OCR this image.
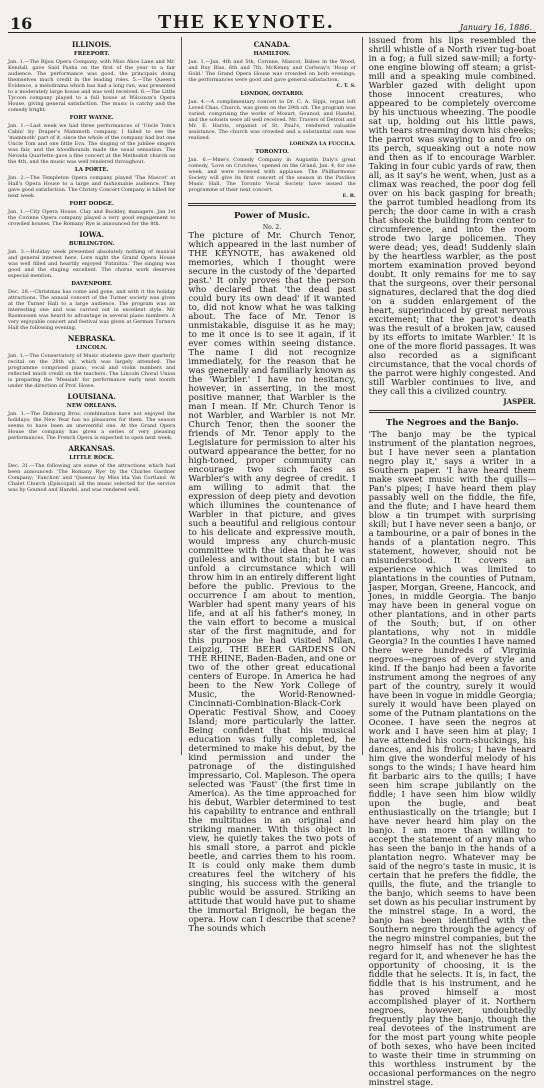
16	THE KEYNOTE.	January 16, 1886.
ILLINOIS.
FREEPORT.
Jan. 1.—The Bijou Opera Company, with Miss Alice Lane and Mr. Kendall, gave Said Pasha on the first of the year to a fair audience. The performance was good, the principals doing themselves much credit in the leading roles. 5.—The Queen's Evidence, a melodrama which has had a long run, was presented to a moderately large house and was well received. 6.—The Little Tycoon company played to a full house at Wilcoxon's Opera House, giving general satisfaction. The music is catchy and the comedy bright.
FORT WAYNE.
Jan. 1.—Last week we had three performances of 'Uncle Tom's Cabin' by Draper's Mammoth company. I failed to see the 'mammoth' part of it, since the whole of the company had but one Uncle Tom and one little Eva. The singing of the jubilee singers was fair, and the bloodhounds made the usual sensation. The Nevada Quartette gave a fine concert at the Methodist church on the 4th, and the music was well rendered throughout.
LA PORTE.
Jan. 2.—The Templeton Opera company played 'The Mascot' at Hall's Opera House to a large and fashionable audience. They gave good satisfaction. The Christy Concert Company is billed for next week.
FORT DODGE.
Jan. 1.—City Opera House. Clay and Buckley, managers. Jan 1st the Corinne Opera company played a very good engagement to crowded houses. The Romany Rye is announced for the 8th.
IOWA.
BURLINGTON.
Jan. 3.—Holiday week presented absolutely nothing of musical and general interest here. Lore night the Grand Opera House was well filled and heartily enjoyed 'Fatinitza.' The singing was good and the staging excellent. The chorus work deserves especial mention.
DAVENPORT.
Dec. 28.—Christmas has come and gone, and with it the holiday attractions. The annual concert of the Turner society was given at the Turner Hall to a large audience. The program was an interesting one and was carried out in excellent style. Mr. Rasmussen was heard to advantage in several piano numbers. A very enjoyable concert and festival was given at German Turners Hall the following evening.
NEBRASKA.
LINCOLN.
Jan. 1.—The Conservatory of Music students gave their quarterly recital on the 28th ult. which was largely attended. The programme comprised piano, vocal and violin numbers and reflected much credit on the teachers. The Lincoln Choral Union is preparing the 'Messiah' for performance early next month under the direction of Prof. Howe.
LOUISIANA.
NEW ORLEANS.
Jan. 1.—The Dubourg Bros. combination have not enjoyed the holidays; the New Year has no pleasures for them. The season seems to have been an uneventful one. At the Grand Opera House the company has given a series of very pleasing performances. The French Opera is expected to open next week.
ARKANSAS.
LITTLE ROCK.
Dec. 31.—The following are some of the attractions which had been announced: 'The Romany Rye' by the Charles Gardner Company; 'Fanchon' and 'Queena' by Miss Ida Van Cortland. At Chalet Church (Episcopal) all the music selected for the service was by Gounod and Handel, and was rendered well.
CANADA.
HAMILTON.
Jan. 1.—Jan. 4th and 5th, Corinne, Mascot, Babes in the Wood, and Ruy Blas. 6th and 7th, McKenny and Corlway's 'Hoop of Gold.' The Grand Opera House was crowded on both evenings; the performances were good and gave general satisfaction.
C. T. S.
LONDON, ONTARIO.
Jan. 4.—A complimentary concert to Dr. C. A. Sippi, organ loft Loved Chas. Church, was given on the 29th ult. The program was varied, comprising the works of Mozart, Gounod, and Handel, and the soloists were all well received. Mr. Travers of Detroit and Mr. E. Harris, organist of St. Paul's, rendered valuable assistance. The church was crowded and a substantial sum was realized.
LORENZA LA FUCCILA.
TORONTO.
Jan. 6.—Mme's Comedy Company in Augustin Daly's great comedy, 'Love on Crutches,' opened on the Grand, Jan. 4, for one week, and were received with applause. The Philharmonic Society will give its first concert of the season in the Pavilion Music Hall. The Toronto Vocal Society have issued the programme of their next concert.
E. R.
Power of Music.
No. 2.
The picture of Mr. Church Tenor, which appeared in the last number of THE KEYNOTE, has awakened old memories, which I thought were secure in the custody of the 'departed past.' It only proves that the person who declared that 'the dead past could bury its own dead' if it wanted to, did not know what he was talking about. The face of Mr. Tenor is unmistakable, disguise it as he may; to me it once is to see it again, if it ever comes within seeing distance. The name I did not recognize immediately, for the reason that he was generally and familiarly known as the 'Warbler.' I have no hesitancy, however, in asserting, in the most positive manner, that Warbler is the man I mean. If Mr. Church Tenor is not Warbler, and Warbler is not Mr. Church Tenor, then the sooner the friends of Mr. Tenor apply to the Legislature for permission to alter his outward appearance the better, for no high-toned, proper community can encourage two such faces as Warbler's with any degree of credit. I am willing to admit that the expression of deep piety and devotion which illumines the countenance of Warbler in that picture, and gives such a beautiful and religious contour to his delicate and expressive mouth, would impress any church-music committee with the idea that he was guileless and without stain; but I can unfold a circumstance which will throw him in an entirely different light before the public. Previous to the occurrence I am about to mention, Warbler had spent many years of his life, and at all his father's money, in the vain effort to become a musical star of the first magnitude, and for this purpose he had visited Milan, Leipzig, THE BEER GARDENS ON THE RHINE, Baden-Baden, and one or two of the other great educational centers of Europe. In America he had been to the New York College of Music, the World-Renowned-Cincinnati-Combination-Black-Cork Operatic Festival Show, and Cooey Island; more particularly the latter. Being confident that his musical education was fully completed, he determined to make his debut, by the kind permission and under the patronage of the distinguished impressario, Col. Mapleson. The opera selected was 'Faust' (the first time in America). As the time approached for his debut, Warbler determined to test his capability to entrance and enthrall the multitudes in an original and striking manner. With this object in view, he quietly takes the two pots of his small store, a parrot and pickle beetle, and carries them to his room. It is could only make them dumb creatures feel the witchery of his singing, his success with the general public would be assured. Striking an attitude that would have put to shame the immortal Brignoli, he began the opera. How can I describe that scene? The sounds which
issued from his lips resembled the shrill whistle of a North river tug-boat in a fog; a full sized saw-mill; a forty-one engine blowing off steam; a grist-mill and a speaking mule combined. Warbler gazed with delight upon those innocent creatures, who appeared to be completely overcome by his unctuous wheezing. The poodle sat up, holding out his little paws, with tears streaming down his cheeks; the parrot was swaying to and fro on its perch, squeaking out a note now and then as if to encourage Warbler. Taking in four cubic yards of raw, then all, as it say's he went, when, just as a climax was reached, the poor dog fell over on his back gasping for breath; the parrot tumbled headlong from its perch; the door came in with a crash that shook the building from center to circumference, and into the room strode two large policemen. They were dead; yes, dead! Suddenly slain by the heartless warbler, as the post mortem examination proved beyond doubt. It only remains for me to say that the surgeons, over their personal signatures, declared that the dog died 'on a sudden enlargement of the heart, superinduced by great nervous excitement; that the parrot's death was the result of a broken jaw, caused by its efforts to imitate Warbler.' It is one of the more florid passages. It was also recorded as a significant circumstance, that the vocal chords of the parrot were highly congested. And still Warbler continues to live, and they call this a civilized country.
JASPER.
The Negroes and the Banjo.
'The banjo may be the typical instrument of the plantation negroes, but I have never seen a plantation negro play it,' says a writer in a Southern paper. 'I have heard them make sweet music with the quills—Pan's pipes; I have heard them play passably well on the fiddle, the fife, and the flute; and I have heard them blow a tin trumpet with surprising skill; but I have never seen a banjo, or a tambourine, or a pair of bones in the hands of a plantation negro. This statement, however, should not be misunderstood. It covers an experience which was limited to plantations in the counties of Putnam, Jasper, Morgan, Greene, Hancock, and Jones, in middle Georgia. The banjo may have been in general vogue on other plantations, and in other parts of the South; but, if on other plantations, why not in middle Georgia? In the counties I have named there were hundreds of Virginia negroes—negroes of every style and kind. If the banjo had been a favorite instrument among the negroes of any part of the country, surely it would have been in vogue in middle Georgia; surely it would have been played on some of the Putnam plantations on the Oconee. I have seen the negros at work and I have seen him at play; I have attended his corn-shuckings, his dances, and his frolics; I have heard him give the wonderful melody of his songs to the winds; I have heard him fit barbaric airs to the quills; I have seen him scrape jubilantly on the fiddle; I have seen him blow wildly upon the bugle, and beat enthusiastically on the triangle; but I have never heard him play on the banjo. I am more than willing to accept the statement of any man who has seen the banjo in the hands of a plantation negro. Whatever may be said of the negro's taste in music, it is certain that he prefers the fiddle, the quills, the flute, and the triangle to the banjo, which seems to have been set down as his peculiar instrument by the minstrel stage. In a word, the banjo has been identified with the Southern negro through the agency of the negro minstrel companies, but the negro himself has not the slightest regard for it, and whenever he has the opportunity of choosing, it is the fiddle that he selects. It is, in fact, the fiddle that is his instrument, and he has proved himself a most accomplished player of it. Northern negroes, however, undoubtedly frequently play the banjo, though the real devotees of the instrument are for the most part young white people of both sexes, who have been incited to waste their time in strumming on this worthless instrument by the occasional performances on the negro minstrel stage.
